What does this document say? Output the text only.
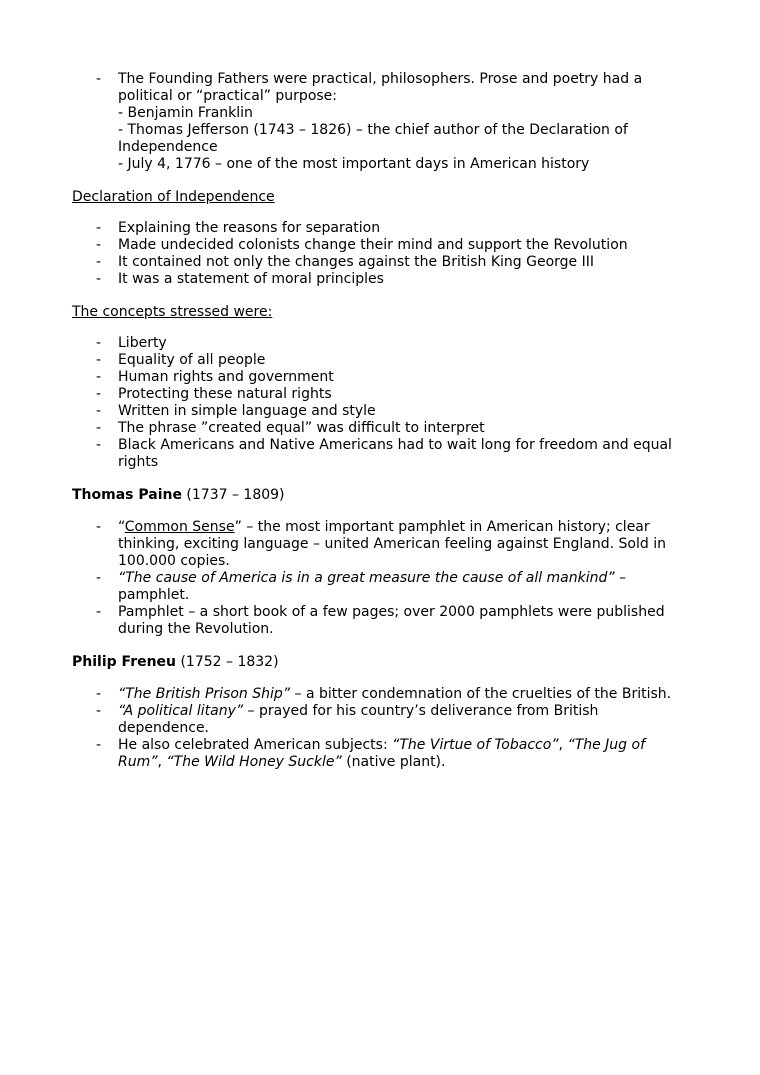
- The Founding Fathers were practical, philosophers. Prose and poetry had a political or “practical” purpose:
- Benjamin Franklin
- Thomas Jefferson (1743 – 1826) – the chief author of the Declaration of Independence
- July 4, 1776 – one of the most important days in American history

Declaration of Independence

- Explaining the reasons for separation
- Made undecided colonists change their mind and support the Revolution
- It contained not only the changes against the British King George III
- It was a statement of moral principles

The concepts stressed were:

- Liberty
- Equality of all people
- Human rights and government
- Protecting these natural rights
- Written in simple language and style
- The phrase ”created equal” was difficult to interpret
- Black Americans and Native Americans had to wait long for freedom and equal rights

Thomas Paine (1737 – 1809)

- “Common Sense” – the most important pamphlet in American history; clear thinking, exciting language – united American feeling against England. Sold in 100.000 copies.
- “The cause of America is in a great measure the cause of all mankind” – pamphlet.
- Pamphlet – a short book of a few pages; over 2000 pamphlets were published during the Revolution.

Philip Freneu (1752 – 1832)

- “The British Prison Ship” – a bitter condemnation of the cruelties of the British.
- “A political litany” – prayed for his country’s deliverance from British dependence.
- He also celebrated American subjects: “The Virtue of Tobacco”, “The Jug of Rum”, “The Wild Honey Suckle” (native plant).
